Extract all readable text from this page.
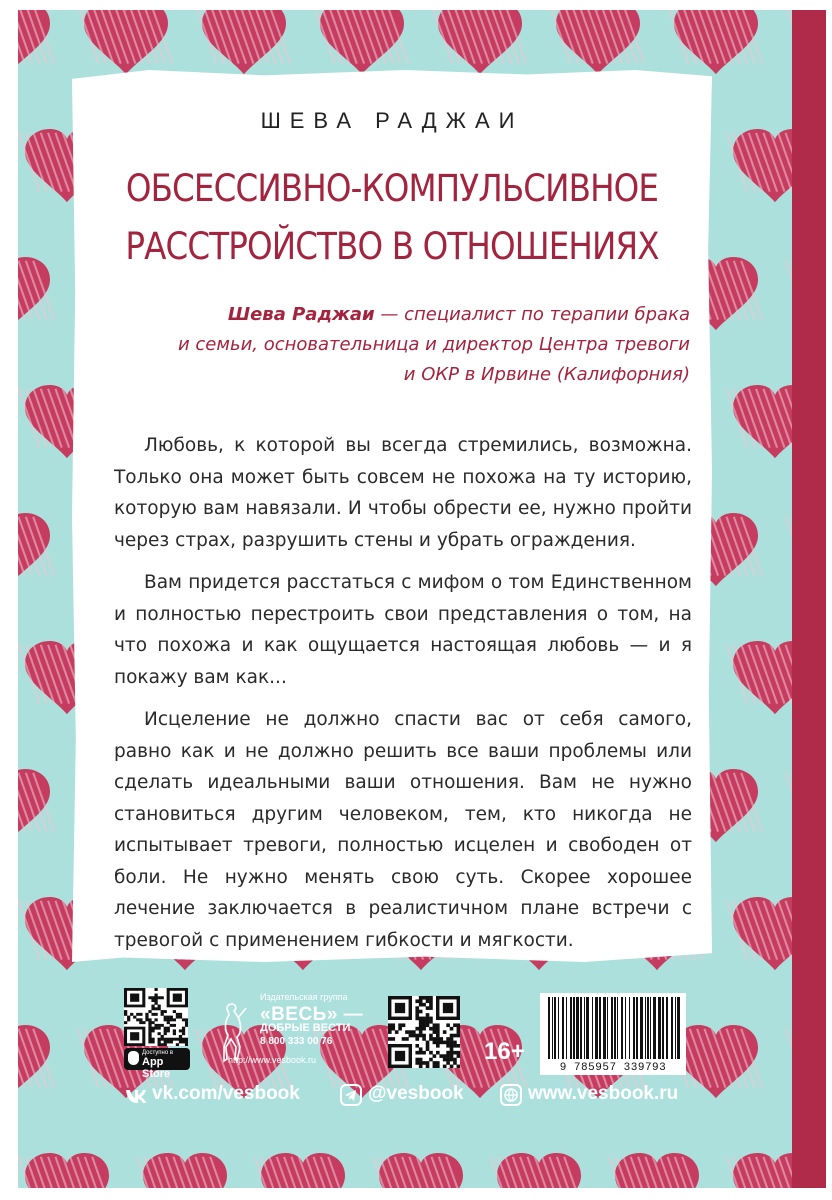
ШЕВА РАДЖАИ
ОБСЕССИВНО-КОМПУЛЬСИВНОЕ
РАССТРОЙСТВО В ОТНОШЕНИЯХ
Шева Раджаи — специалист по терапии брака
и семьи, основательница и директор Центра тревоги
и ОКР в Ирвине (Калифорния)

Любовь, к которой вы всегда стремились, возможна. Только она может быть совсем не похожа на ту историю, которую вам навязали. И чтобы обрести ее, нужно пройти через страх, разрушить стены и убрать ограждения.

Вам придется расстаться с мифом о том Единственном и полностью перестроить свои представления о том, на что похожа и как ощущается настоящая любовь — и я покажу вам как...

Исцеление не должно спасти вас от себя самого, равно как и не должно решить все ваши проблемы или сделать идеальными ваши отношения. Вам не нужно становиться другим человеком, тем, кто никогда не испытывает тревоги, полностью исцелен и свободен от боли. Не нужно менять свою суть. Скорее хорошее лечение заключается в реалистичном плане встречи с тревогой с применением гибкости и мягкости.

Доступно в
App Store
Издательская группа
«ВЕСЬ» —
ДОБРЫЕ ВЕСТИ
8 800 333 00 76
http://www.vesbook.ru	16+
9 785957 339793
vk.com/vesbook	@vesbook	www.vesbook.ru
